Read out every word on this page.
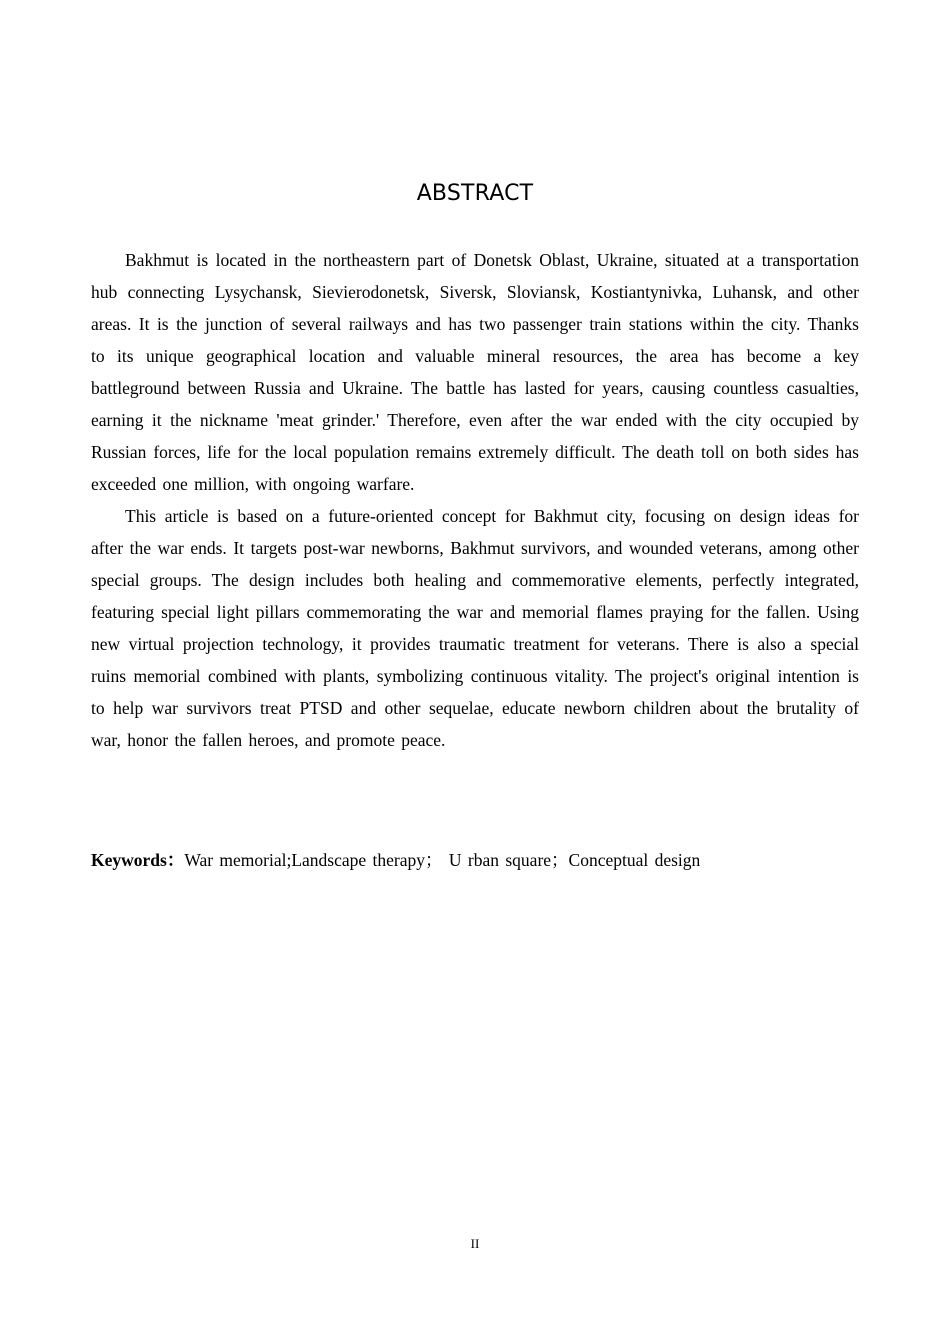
ABSTRACT

Bakhmut is located in the northeastern part of Donetsk Oblast, Ukraine, situated at a transportation hub connecting Lysychansk, Sievierodonetsk, Siversk, Sloviansk, Kostiantynivka, Luhansk, and other areas. It is the junction of several railways and has two passenger train stations within the city. Thanks to its unique geographical location and valuable mineral resources, the area has become a key battleground between Russia and Ukraine. The battle has lasted for years, causing countless casualties, earning it the nickname 'meat grinder.' Therefore, even after the war ended with the city occupied by Russian forces, life for the local population remains extremely difficult. The death toll on both sides has exceeded one million, with ongoing warfare.

This article is based on a future-oriented concept for Bakhmut city, focusing on design ideas for after the war ends. It targets post-war newborns, Bakhmut survivors, and wounded veterans, among other special groups. The design includes both healing and commemorative elements, perfectly integrated, featuring special light pillars commemorating the war and memorial flames praying for the fallen. Using new virtual projection technology, it provides traumatic treatment for veterans. There is also a special ruins memorial combined with plants, symbolizing continuous vitality. The project's original intention is to help war survivors treat PTSD and other sequelae, educate newborn children about the brutality of war, honor the fallen heroes, and promote peace.

Keywords：War memorial;Landscape therapy； U rban square；Conceptual design
II
